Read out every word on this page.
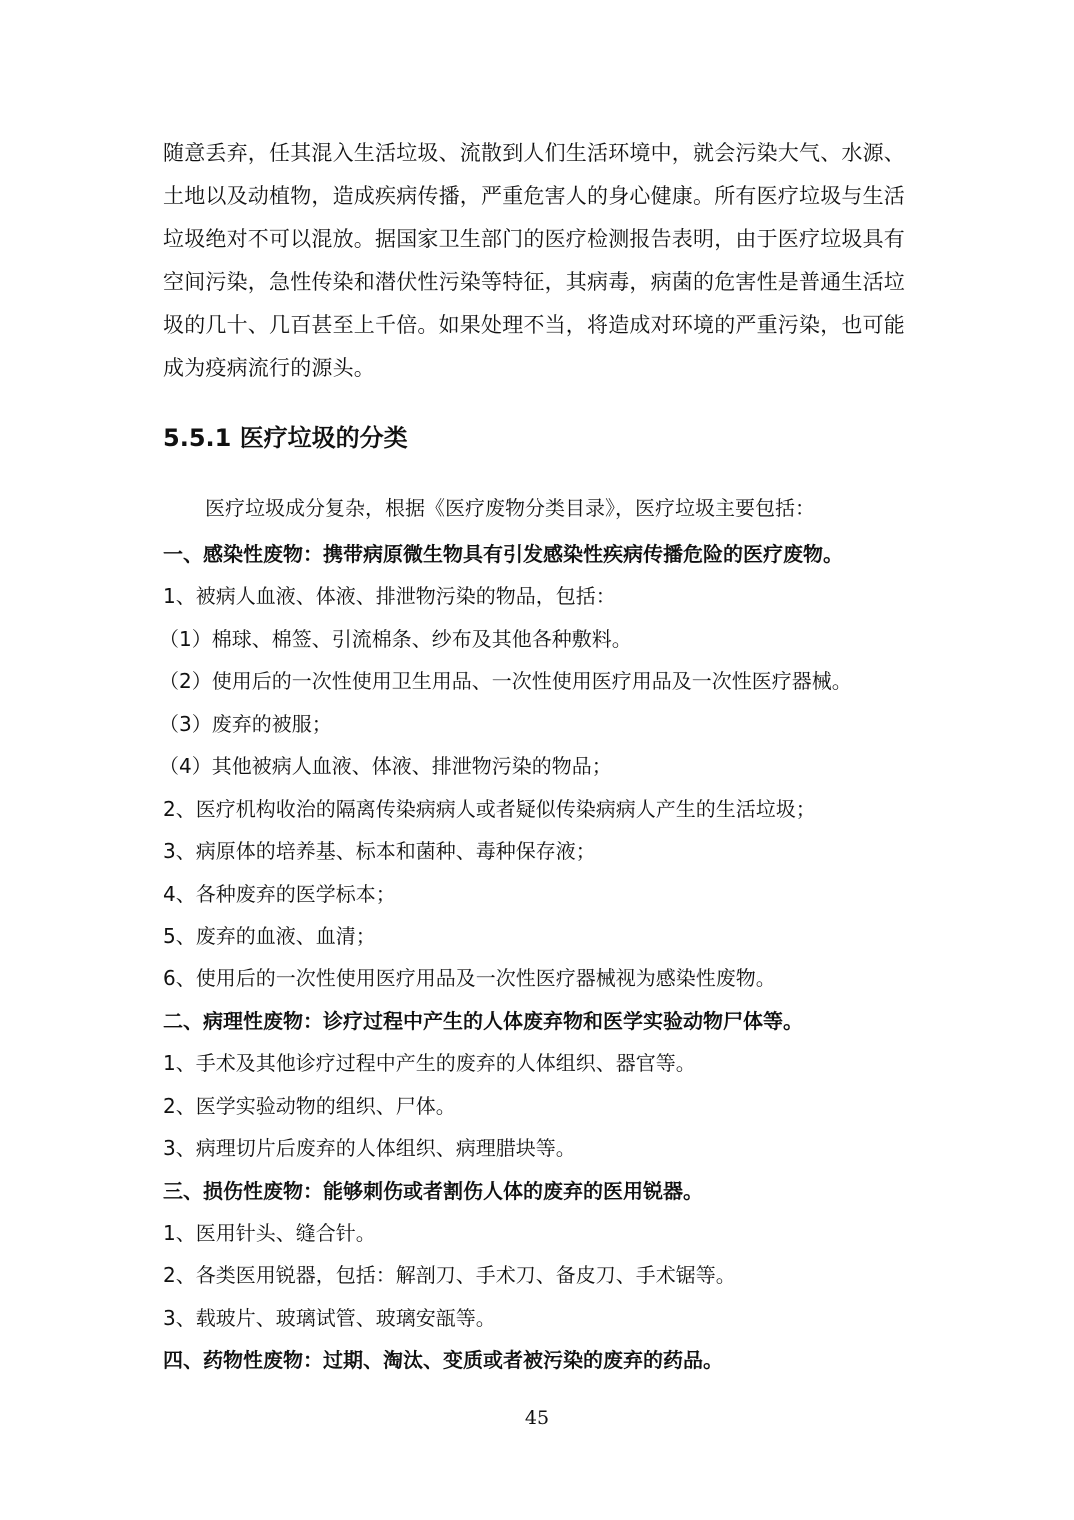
随意丢弃，任其混入生活垃圾、流散到人们生活环境中，就会污染大气、水源、

土地以及动植物，造成疾病传播，严重危害人的身心健康。所有医疗垃圾与生活

垃圾绝对不可以混放。据国家卫生部门的医疗检测报告表明，由于医疗垃圾具有

空间污染，急性传染和潜伏性污染等特征，其病毒，病菌的危害性是普通生活垃

圾的几十、几百甚至上千倍。如果处理不当，将造成对环境的严重污染，也可能

成为疫病流行的源头。

5.5.1 医疗垃圾的分类

医疗垃圾成分复杂，根据《医疗废物分类目录》，医疗垃圾主要包括：

一、感染性废物：携带病原微生物具有引发感染性疾病传播危险的医疗废物。
1、被病人血液、体液、排泄物污染的物品，包括：
（1）棉球、棉签、引流棉条、纱布及其他各种敷料。
（2）使用后的一次性使用卫生用品、一次性使用医疗用品及一次性医疗器械。
（3）废弃的被服；
（4）其他被病人血液、体液、排泄物污染的物品；
2、医疗机构收治的隔离传染病病人或者疑似传染病病人产生的生活垃圾；
3、病原体的培养基、标本和菌种、毒种保存液；
4、各种废弃的医学标本；
5、废弃的血液、血清；
6、使用后的一次性使用医疗用品及一次性医疗器械视为感染性废物。
二、病理性废物：诊疗过程中产生的人体废弃物和医学实验动物尸体等。
1、手术及其他诊疗过程中产生的废弃的人体组织、器官等。
2、医学实验动物的组织、尸体。
3、病理切片后废弃的人体组织、病理腊块等。
三、损伤性废物：能够刺伤或者割伤人体的废弃的医用锐器。
1、医用针头、缝合针。
2、各类医用锐器，包括：解剖刀、手术刀、备皮刀、手术锯等。
3、载玻片、玻璃试管、玻璃安瓿等。
四、药物性废物：过期、淘汰、变质或者被污染的废弃的药品。
45
